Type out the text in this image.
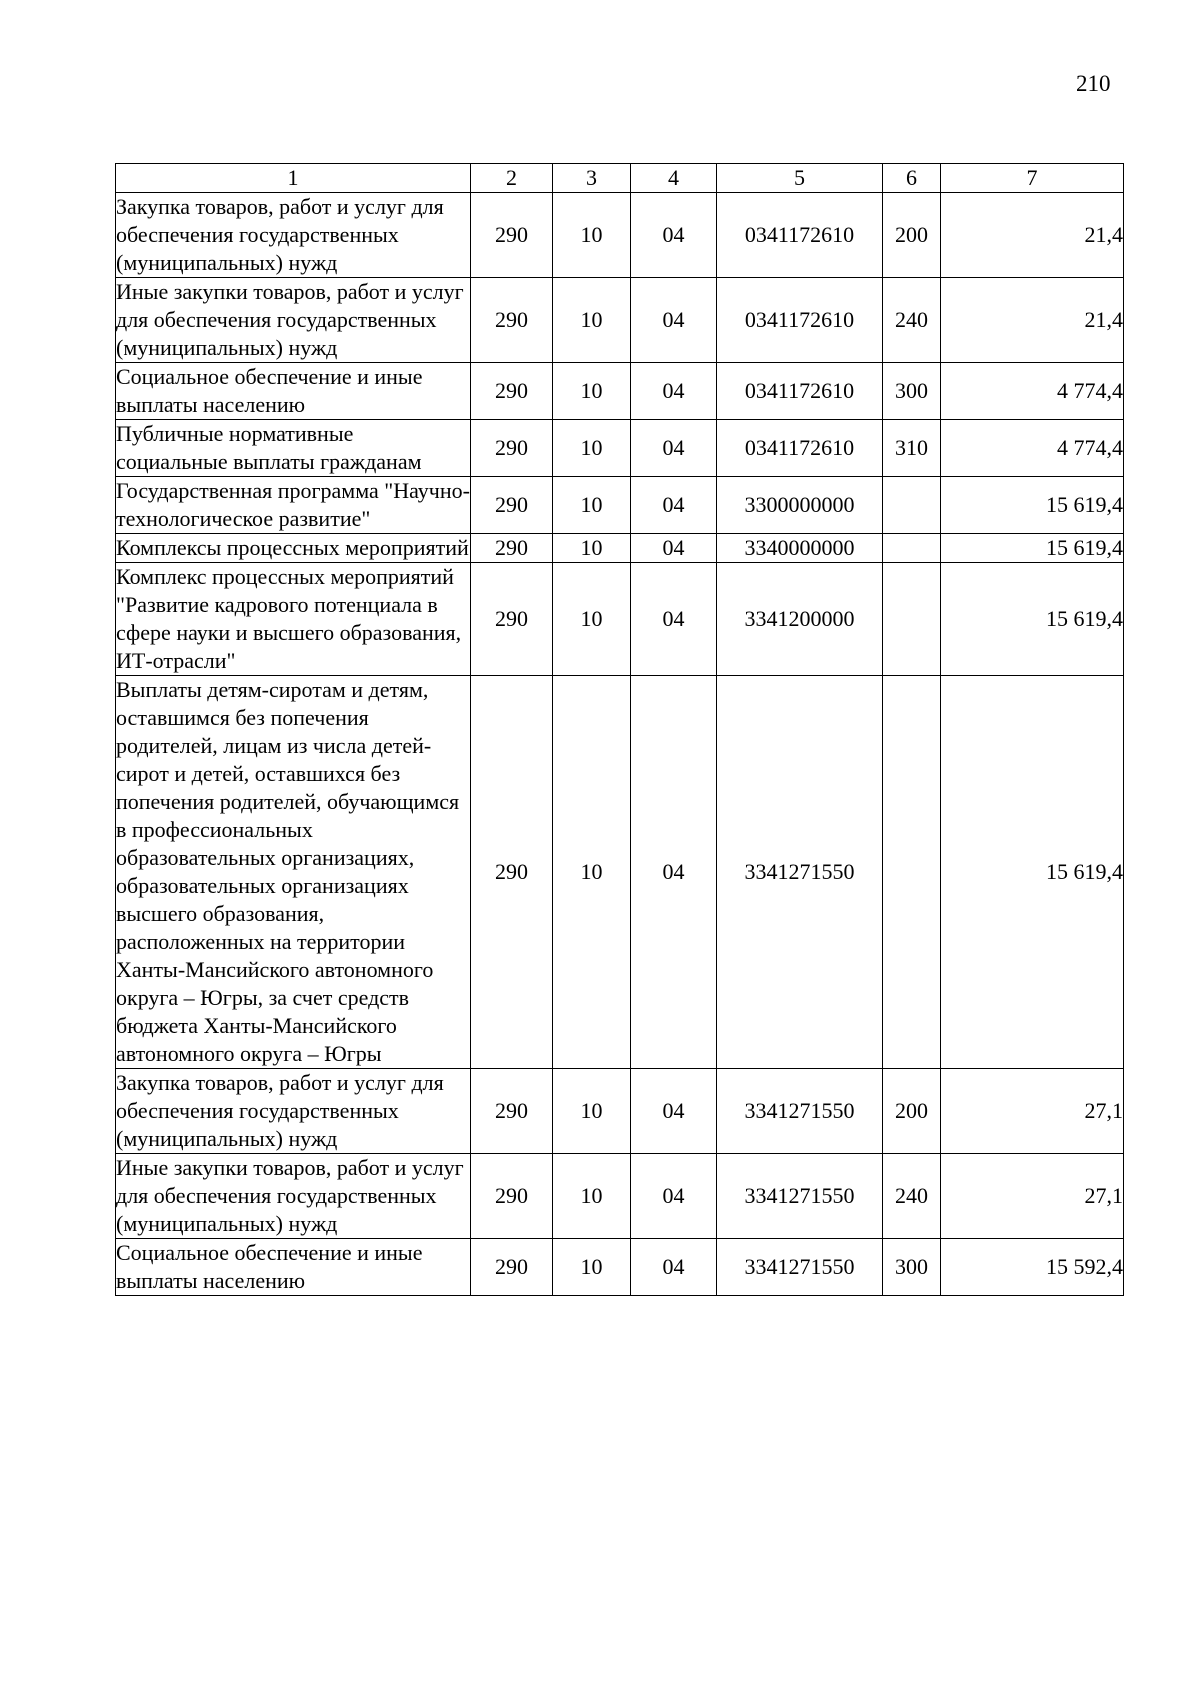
210
1	2	3	4	5	6	7
Закупка товаров, работ и услуг для обеспечения государственных (муниципальных) нужд	290	10	04	0341172610	200	21,4
Иные закупки товаров, работ и услуг для обеспечения государственных (муниципальных) нужд	290	10	04	0341172610	240	21,4
Социальное обеспечение и иные выплаты населению	290	10	04	0341172610	300	4 774,4
Публичные нормативные социальные выплаты гражданам	290	10	04	0341172610	310	4 774,4
Государственная программа "Научно-технологическое развитие"	290	10	04	3300000000		15 619,4
Комплексы процессных мероприятий	290	10	04	3340000000		15 619,4
Комплекс процессных мероприятий "Развитие кадрового потенциала в сфере науки и высшего образования, ИТ-отрасли"	290	10	04	3341200000		15 619,4
Выплаты детям-сиротам и детям, оставшимся без попечения родителей, лицам из числа детей-сирот и детей, оставшихся без попечения родителей, обучающимся в профессиональных образовательных организациях, образовательных организациях высшего образования, расположенных на территории Ханты-Мансийского автономного округа – Югры, за счет средств бюджета Ханты-Мансийского автономного округа – Югры	290	10	04	3341271550		15 619,4
Закупка товаров, работ и услуг для обеспечения государственных (муниципальных) нужд	290	10	04	3341271550	200	27,1
Иные закупки товаров, работ и услуг для обеспечения государственных (муниципальных) нужд	290	10	04	3341271550	240	27,1
Социальное обеспечение и иные выплаты населению	290	10	04	3341271550	300	15 592,4
